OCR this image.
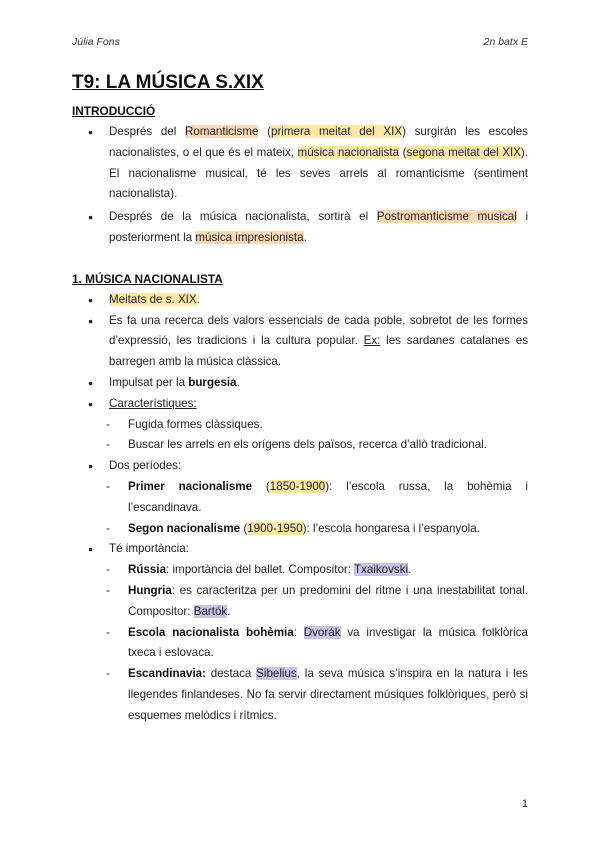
Júlia Fons	2n batx E
T9: LA MÚSICA S.XIX
INTRODUCCIÓ
● Després del Romanticisme (primera meitat del XIX) surgirán les escoles nacionalistes, o el que és el mateix, música nacionalista (segona meitat del XIX). El nacionalisme musical, té les seves arrels al romanticisme (sentiment nacionalista).
● Després de la música nacionalista, sortirà el Postromanticisme musical i posteriorment la música impresionista.
1. MÚSICA NACIONALISTA
● Meitats de s. XIX.
● Es fa una recerca dels valors essencials de cada poble, sobretot de les formes d’expressió, les tradicions i la cultura popular. Ex: les sardanes catalanes es barregen amb la música clàssica.
● Impulsat per la burgesia.
● Característiques:
- Fugida formes clàssiques.
- Buscar les arrels en els orígens dels països, recerca d’allò tradicional.
● Dos períodes:
- Primer nacionalisme (1850-1900): l’escola russa, la bohèmia i l’escandinava.
- Segon nacionalisme (1900-1950): l’escola hongaresa i l’espanyola.
● Té importància:
- Rússia: importància del ballet. Compositor: Txaikovski.
- Hungria: es caracteritza per un predomini del ritme i una inestabilitat tonal. Compositor: Bartók.
- Escola nacionalista bohèmia: Dvorák va investigar la música folklòrica txeca i eslovaca.
- Escandinavia: destaca Sibelius, la seva música s’inspira en la natura i les llegendes finlandeses. No fa servir directament músiques folklòriques, però si esquemes melòdics i rítmics.
1
